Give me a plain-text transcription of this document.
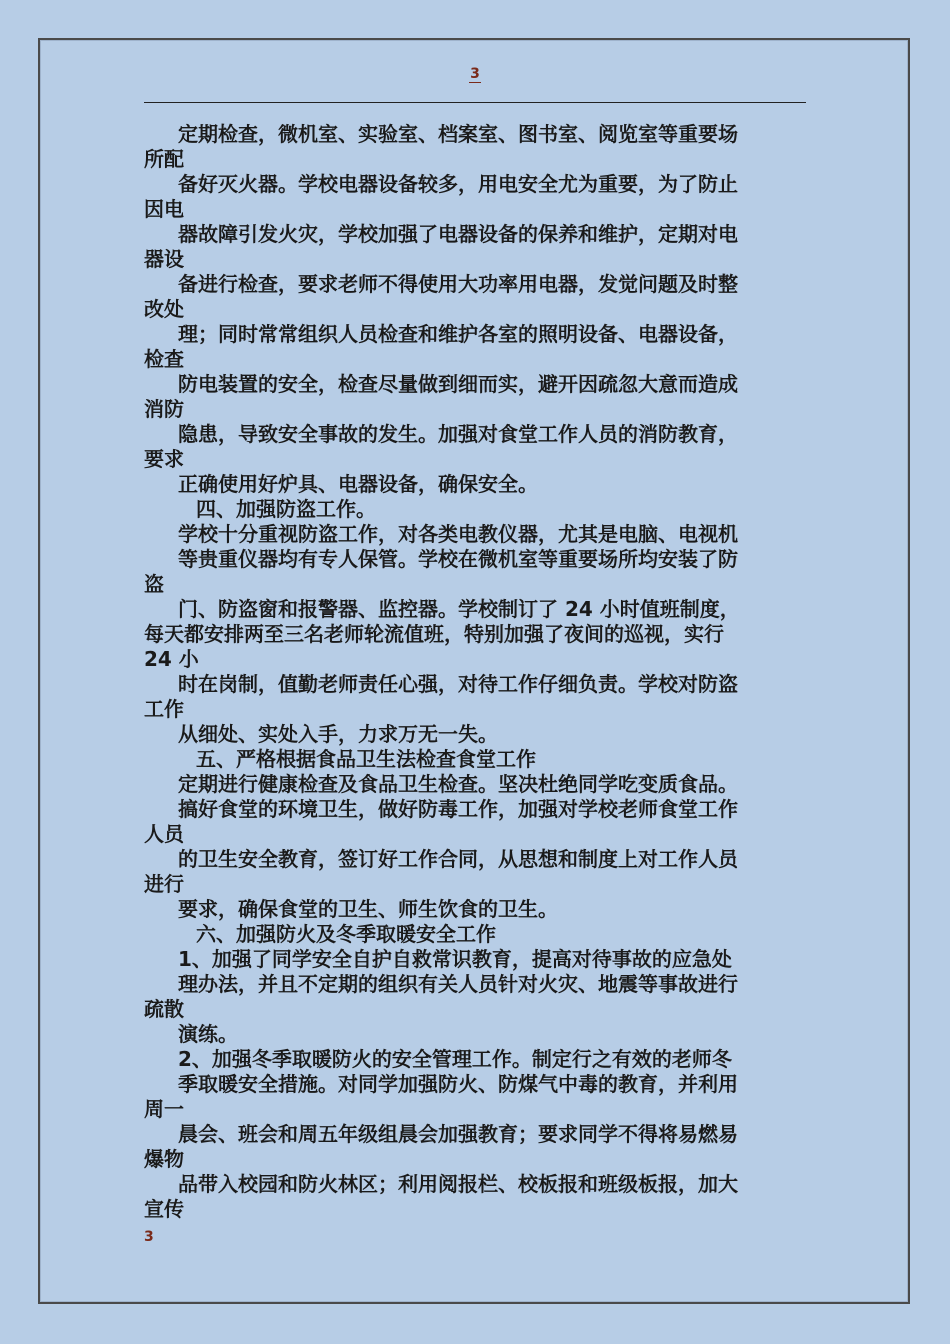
3
定期检查，微机室、实验室、档案室、图书室、阅览室等重要场
所配
备好灭火器。学校电器设备较多，用电安全尤为重要，为了防止
因电
器故障引发火灾，学校加强了电器设备的保养和维护，定期对电
器设
备进行检查，要求老师不得使用大功率用电器，发觉问题及时整
改处
理；同时常常组织人员检查和维护各室的照明设备、电器设备，
检查
防电装置的安全，检查尽量做到细而实，避开因疏忽大意而造成
消防
隐患，导致安全事故的发生。加强对食堂工作人员的消防教育，
要求
正确使用好炉具、电器设备，确保安全。
四、加强防盗工作。
学校十分重视防盗工作，对各类电教仪器，尤其是电脑、电视机
等贵重仪器均有专人保管。学校在微机室等重要场所均安装了防
盗
门、防盗窗和报警器、监控器。学校制订了 24 小时值班制度，
每天都安排两至三名老师轮流值班，特别加强了夜间的巡视，实行
24 小
时在岗制，值勤老师责任心强，对待工作仔细负责。学校对防盗
工作
从细处、实处入手，力求万无一失。
五、严格根据食品卫生法检查食堂工作
定期进行健康检查及食品卫生检查。坚决杜绝同学吃变质食品。
搞好食堂的环境卫生，做好防毒工作，加强对学校老师食堂工作
人员
的卫生安全教育，签订好工作合同，从思想和制度上对工作人员
进行
要求，确保食堂的卫生、师生饮食的卫生。
六、加强防火及冬季取暖安全工作
1、加强了同学安全自护自救常识教育，提高对待事故的应急处
理办法，并且不定期的组织有关人员针对火灾、地震等事故进行
疏散
演练。
2、加强冬季取暖防火的安全管理工作。制定行之有效的老师冬
季取暖安全措施。对同学加强防火、防煤气中毒的教育，并利用
周一
晨会、班会和周五年级组晨会加强教育；要求同学不得将易燃易
爆物
品带入校园和防火林区；利用阅报栏、校板报和班级板报，加大
宣传
3
